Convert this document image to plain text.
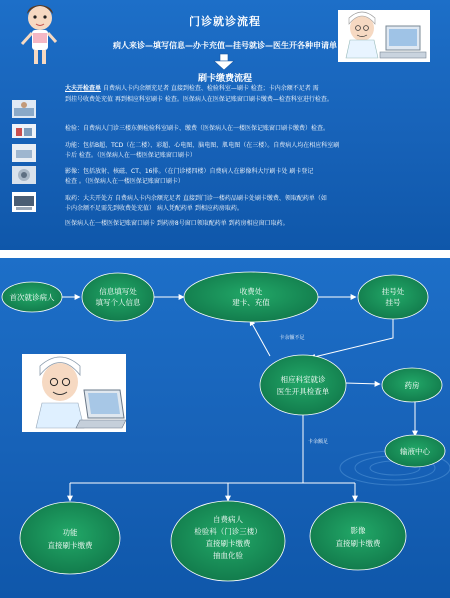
门诊就诊流程
病人来诊—填写信息—办卡充值—挂号就诊—医生开各种申请单
刷卡缴费流程
大夫开检查单 自费病人卡内余额充足者 直接到检查、检验科室—刷卡 检查；卡内余额不足者 需
到挂号收费处充值 再到相应科室刷卡 检查。医保病人在医保记账窗口刷卡缴费—检查科室进行检查。
检验：自费病人门诊三楼东侧检验科室刷卡、缴费（医保病人在一楼医保记账窗口刷卡缴费）检查。
功能：包括B超、TCD（在二楼）、彩超、心电图、脑电图、肌电图（在三楼）。自费病人均在相应科室刷
卡后 检查。（医保病人在一楼医保记账窗口刷卡）
影像：包括放射、核磁、CT、16排。（在门诊楼四楼）自费病人在影像科大厅刷卡处 刷卡登记
检查 。（医保病人在一楼医保记账窗口刷卡）
取药：大夫开处方 自费病人卡内余额充足者 直接到门诊一楼药品刷卡处刷卡缴费、领取配药单（如
卡内余额不足需先到收费处充值） 病人凭配药单 到相应药房取药。
医保病人在一楼医保记账窗口刷卡 到药房8号窗口领取配药单 到药房相应窗口取药。
卡余额不足
卡余额足
首次就诊病人
信息填写处
填写个人信息
收费处
建卡、充值
挂号处
挂号
相应科室就诊
医生开具检查单
药房
输液中心
功能
直接刷卡缴费
自费病人
检验科（门诊三楼）
直接刷卡缴费
抽血化验
影像
直接刷卡缴费
